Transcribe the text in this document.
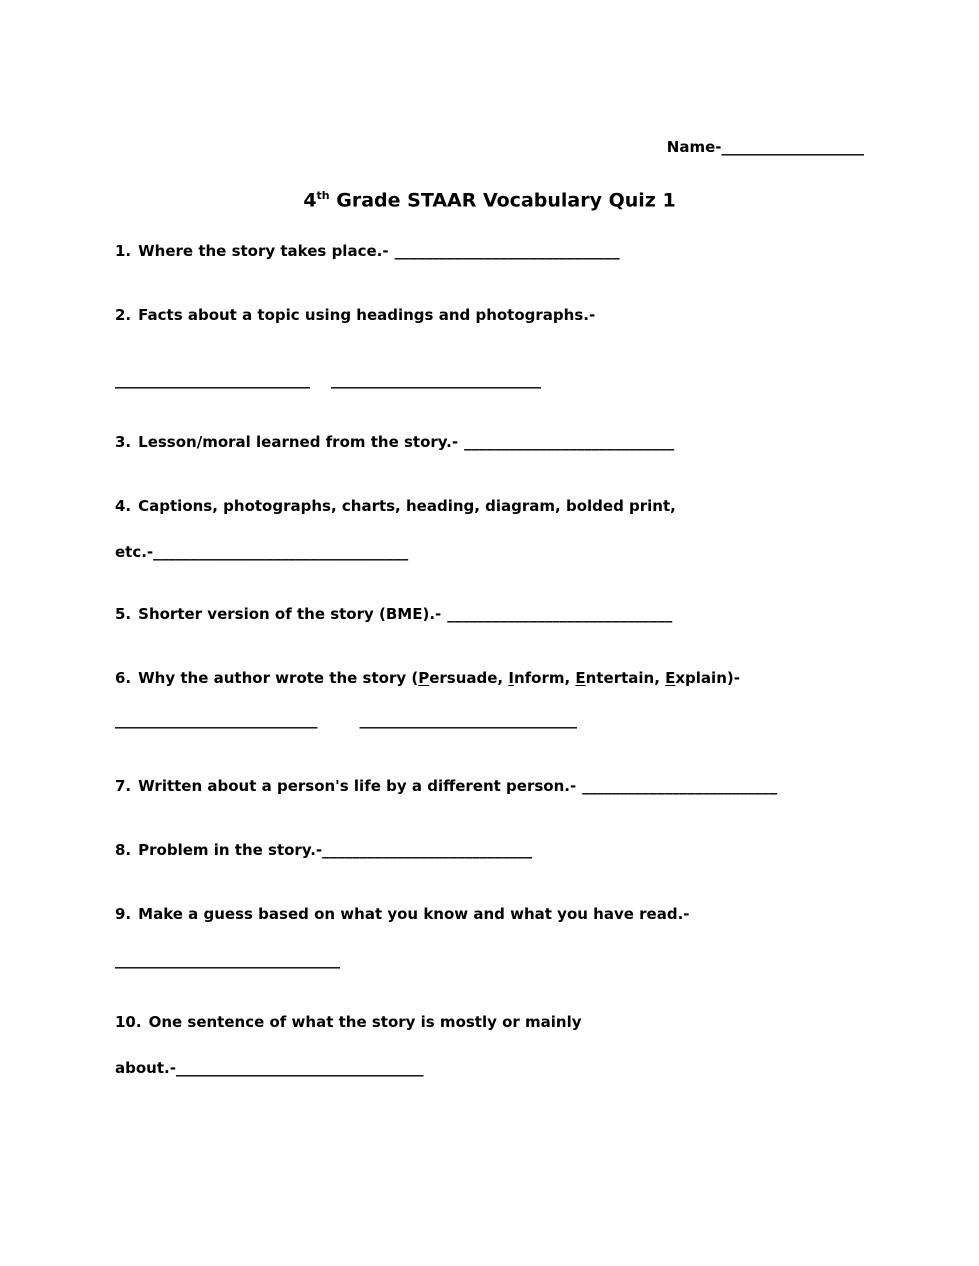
Name-___________________
4th Grade STAAR Vocabulary Quiz 1
1. Where the story takes place.- ______________________________
2. Facts about a topic using headings and photographs.-
__________________________ ____________________________
3. Lesson/moral learned from the story.- ____________________________
4. Captions, photographs, charts, heading, diagram, bolded print,
etc.-__________________________________
5. Shorter version of the story (BME).- ______________________________
6. Why the author wrote the story (Persuade, Inform, Entertain, Explain)-
___________________________	_____________________________
7. Written about a person's life by a different person.- __________________________
8. Problem in the story.-____________________________
9. Make a guess based on what you know and what you have read.-
______________________________
10. One sentence of what the story is mostly or mainly
about.-_________________________________
